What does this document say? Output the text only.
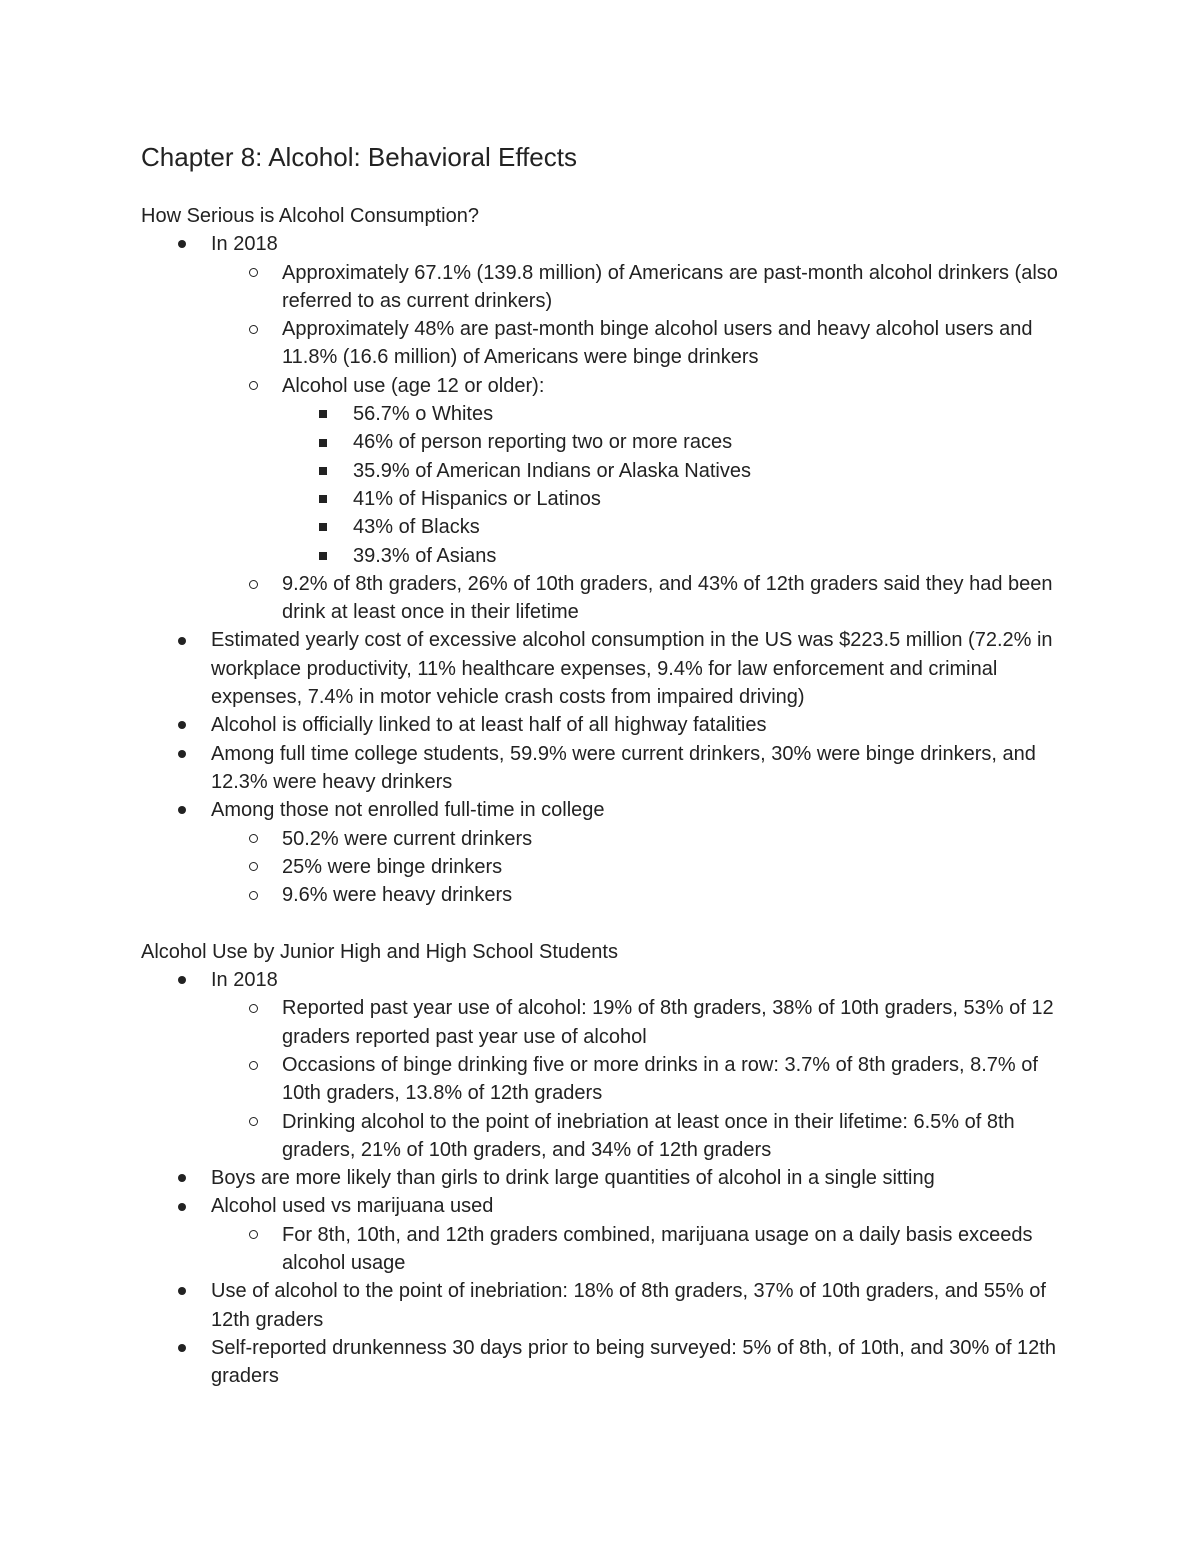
Chapter 8: Alcohol: Behavioral Effects

How Serious is Alcohol Consumption?

In 2018
Approximately 67.1% (139.8 million) of Americans are past-month alcohol drinkers (also referred to as current drinkers)
Approximately 48% are past-month binge alcohol users and heavy alcohol users and 11.8% (16.6 million) of Americans were binge drinkers
Alcohol use (age 12 or older):
56.7% o Whites
46% of person reporting two or more races
35.9% of American Indians or Alaska Natives
41% of Hispanics or Latinos
43% of Blacks
39.3% of Asians
9.2% of 8th graders, 26% of 10th graders, and 43% of 12th graders said they had been drink at least once in their lifetime
Estimated yearly cost of excessive alcohol consumption in the US was $223.5 million (72.2% in workplace productivity, 11% healthcare expenses, 9.4% for law enforcement and criminal expenses, 7.4% in motor vehicle crash costs from impaired driving)
Alcohol is officially linked to at least half of all highway fatalities
Among full time college students, 59.9% were current drinkers, 30% were binge drinkers, and 12.3% were heavy drinkers
Among those not enrolled full-time in college
50.2% were current drinkers
25% were binge drinkers
9.6% were heavy drinkers

Alcohol Use by Junior High and High School Students

In 2018
Reported past year use of alcohol: 19% of 8th graders, 38% of 10th graders, 53% of 12 graders reported past year use of alcohol
Occasions of binge drinking five or more drinks in a row: 3.7% of 8th graders, 8.7% of 10th graders, 13.8% of 12th graders
Drinking alcohol to the point of inebriation at least once in their lifetime: 6.5% of 8th graders, 21% of 10th graders, and 34% of 12th graders
Boys are more likely than girls to drink large quantities of alcohol in a single sitting
Alcohol used vs marijuana used
For 8th, 10th, and 12th graders combined, marijuana usage on a daily basis exceeds alcohol usage
Use of alcohol to the point of inebriation: 18% of 8th graders, 37% of 10th graders, and 55% of 12th graders
Self-reported drunkenness 30 days prior to being surveyed: 5% of 8th, of 10th, and 30% of 12th graders
